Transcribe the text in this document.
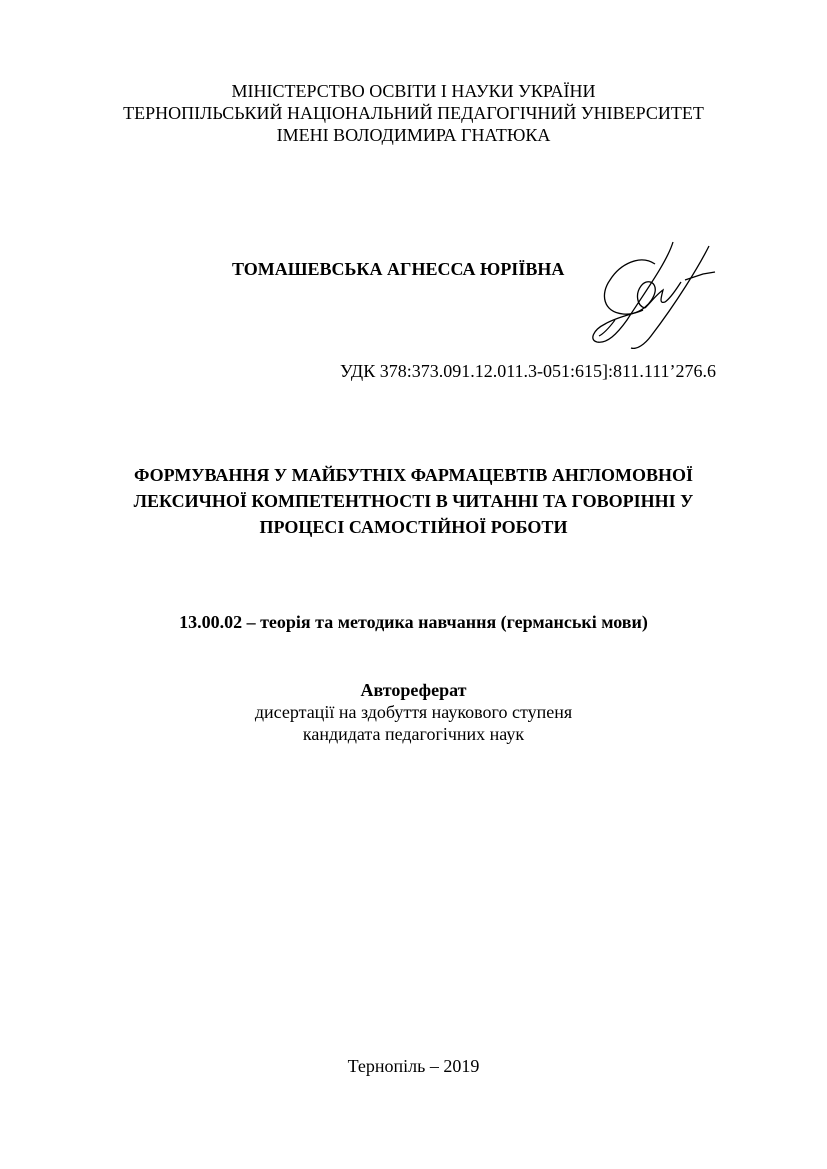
МІНІСТЕРСТВО ОСВІТИ І НАУКИ УКРАЇНИ
ТЕРНОПІЛЬСЬКИЙ НАЦІОНАЛЬНИЙ ПЕДАГОГІЧНИЙ УНІВЕРСИТЕТ
ІМЕНІ ВОЛОДИМИРА ГНАТЮКА
ТОМАШЕВСЬКА АГНЕССА ЮРІЇВНА
УДК 378:373.091.12.011.3-051:615]:811.111’276.6
ФОРМУВАННЯ У МАЙБУТНІХ ФАРМАЦЕВТІВ АНГЛОМОВНОЇ
ЛЕКСИЧНОЇ КОМПЕТЕНТНОСТІ В ЧИТАННІ ТА ГОВОРІННІ У
ПРОЦЕСІ САМОСТІЙНОЇ РОБОТИ
13.00.02 – теорія та методика навчання (германські мови)
Автореферат
дисертації на здобуття наукового ступеня
кандидата педагогічних наук
Тернопіль – 2019
